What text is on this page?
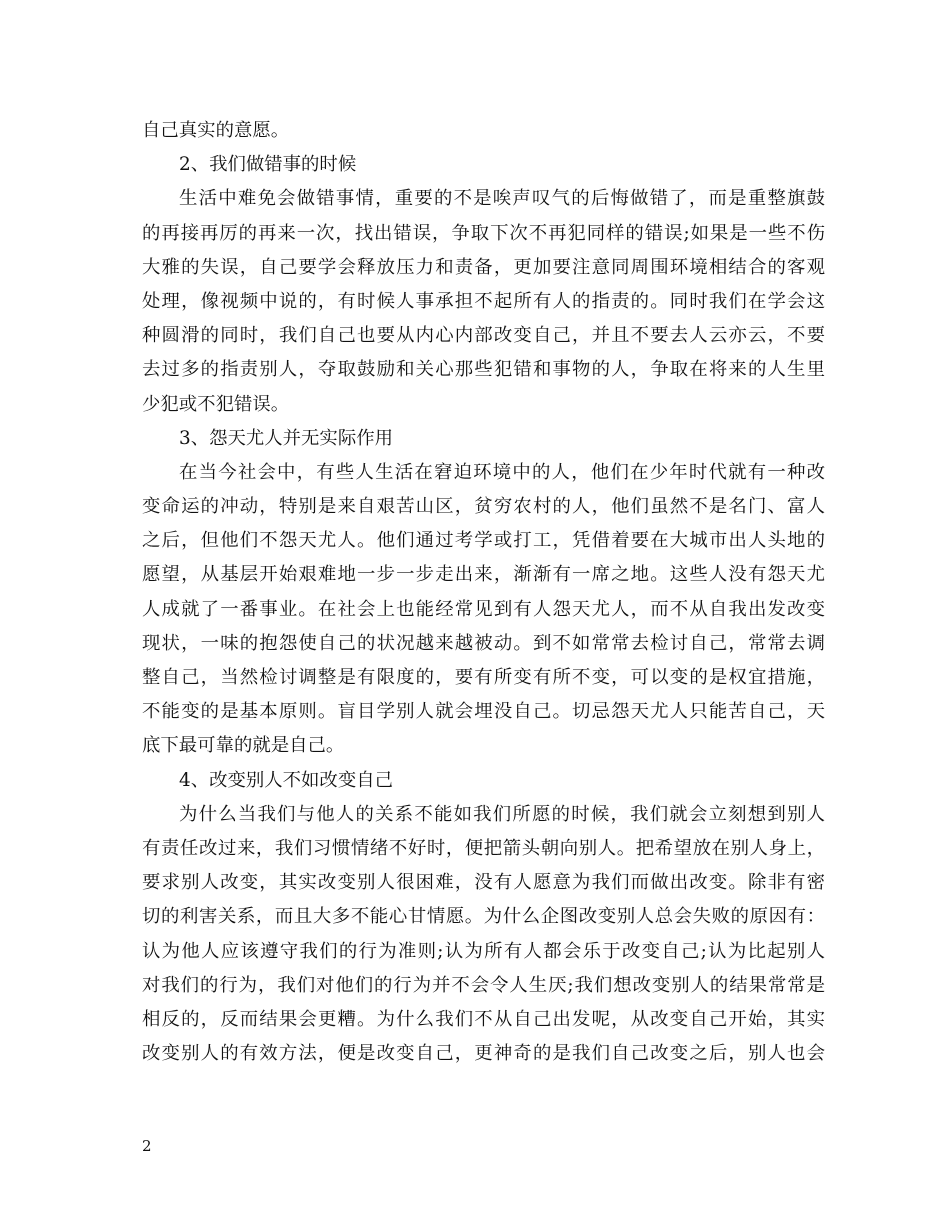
自己真实的意愿。
2、我们做错事的时候
生活中难免会做错事情，重要的不是唉声叹气的后悔做错了，而是重整旗鼓
的再接再厉的再来一次，找出错误，争取下次不再犯同样的错误;如果是一些不伤
大雅的失误，自己要学会释放压力和责备，更加要注意同周围环境相结合的客观
处理，像视频中说的，有时候人事承担不起所有人的指责的。同时我们在学会这
种圆滑的同时，我们自己也要从内心内部改变自己，并且不要去人云亦云，不要
去过多的指责别人，夺取鼓励和关心那些犯错和事物的人，争取在将来的人生里
少犯或不犯错误。
3、怨天尤人并无实际作用
在当今社会中，有些人生活在窘迫环境中的人，他们在少年时代就有一种改
变命运的冲动，特别是来自艰苦山区，贫穷农村的人，他们虽然不是名门、富人
之后，但他们不怨天尤人。他们通过考学或打工，凭借着要在大城市出人头地的
愿望，从基层开始艰难地一步一步走出来，渐渐有一席之地。这些人没有怨天尤
人成就了一番事业。在社会上也能经常见到有人怨天尤人，而不从自我出发改变
现状，一味的抱怨使自己的状况越来越被动。到不如常常去检讨自己，常常去调
整自己，当然检讨调整是有限度的，要有所变有所不变，可以变的是权宜措施，
不能变的是基本原则。盲目学别人就会埋没自己。切忌怨天尤人只能苦自己，天
底下最可靠的就是自己。
4、改变别人不如改变自己
为什么当我们与他人的关系不能如我们所愿的时候，我们就会立刻想到别人
有责任改过来，我们习惯情绪不好时，便把箭头朝向别人。把希望放在别人身上，
要求别人改变，其实改变别人很困难，没有人愿意为我们而做出改变。除非有密
切的利害关系，而且大多不能心甘情愿。为什么企图改变别人总会失败的原因有：
认为他人应该遵守我们的行为准则;认为所有人都会乐于改变自己;认为比起别人
对我们的行为，我们对他们的行为并不会令人生厌;我们想改变别人的结果常常是
相反的，反而结果会更糟。为什么我们不从自己出发呢，从改变自己开始，其实
改变别人的有效方法，便是改变自己，更神奇的是我们自己改变之后，别人也会
2
